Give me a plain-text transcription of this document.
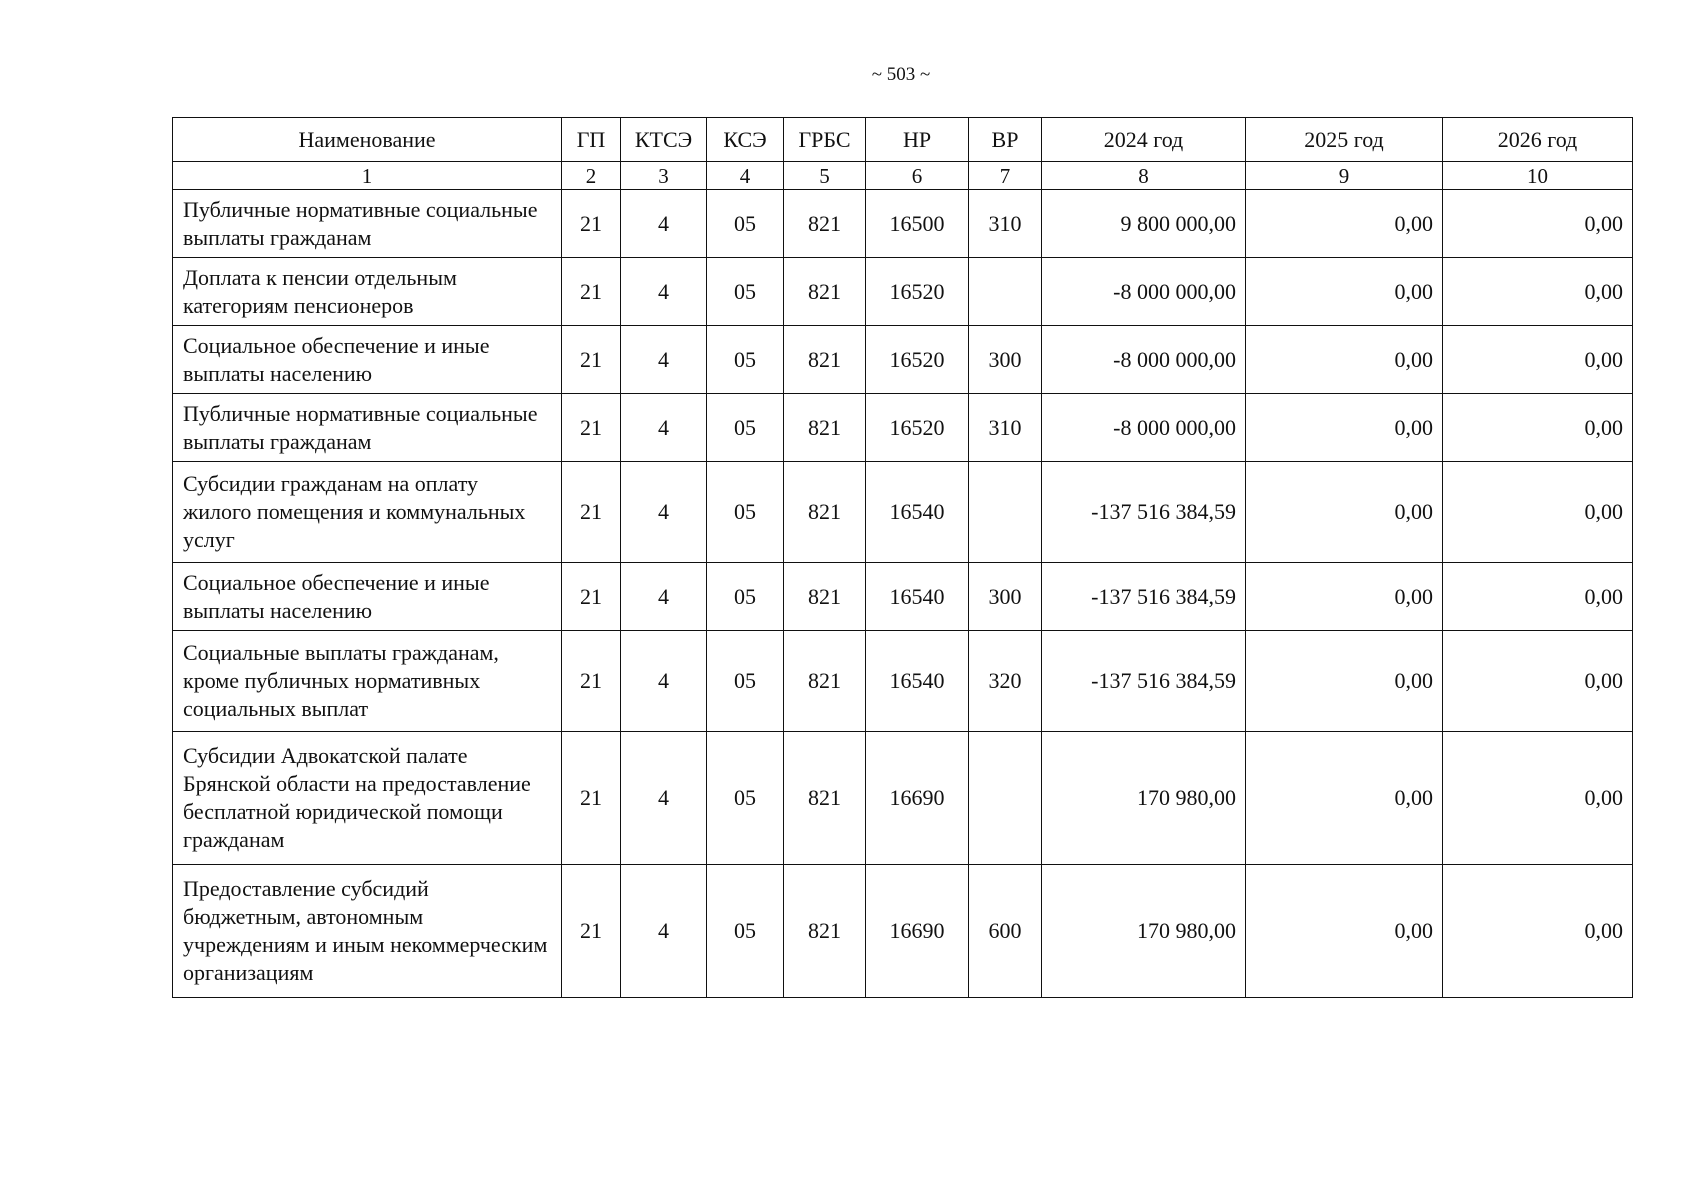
~ 503 ~
Наименование	ГП	КТСЭ	КСЭ	ГРБС	НР	ВР	2024 год	2025 год	2026 год
1	2	3	4	5	6	7	8	9	10
Публичные нормативные социальные выплаты гражданам	21	4	05	821	16500	310	9 800 000,00	0,00	0,00
Доплата к пенсии отдельным категориям пенсионеров	21	4	05	821	16520		-8 000 000,00	0,00	0,00
Социальное обеспечение и иные выплаты населению	21	4	05	821	16520	300	-8 000 000,00	0,00	0,00
Публичные нормативные социальные выплаты гражданам	21	4	05	821	16520	310	-8 000 000,00	0,00	0,00
Субсидии гражданам на оплату жилого помещения и коммунальных услуг	21	4	05	821	16540		-137 516 384,59	0,00	0,00
Социальное обеспечение и иные выплаты населению	21	4	05	821	16540	300	-137 516 384,59	0,00	0,00
Социальные выплаты гражданам, кроме публичных нормативных социальных выплат	21	4	05	821	16540	320	-137 516 384,59	0,00	0,00
Субсидии Адвокатской палате Брянской области на предоставление бесплатной юридической помощи гражданам	21	4	05	821	16690		170 980,00	0,00	0,00
Предоставление субсидий бюджетным, автономным учреждениям и иным некоммерческим организациям	21	4	05	821	16690	600	170 980,00	0,00	0,00
